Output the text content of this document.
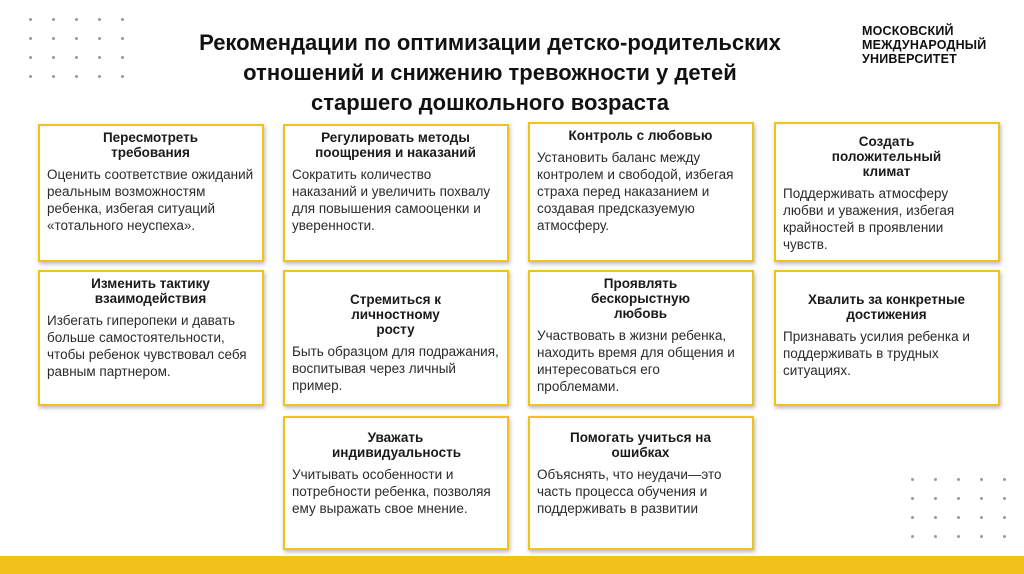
Рекомендации по оптимизации детско-родительских
отношений и снижению тревожности у детей
старшего дошкольного возраста
МОСКОВСКИЙ
МЕЖДУНАРОДНЫЙ
УНИВЕРСИТЕТ
Пересмотреть требования
Оценить соответствие ожиданий реальным возможностям ребенка, избегая ситуаций «тотального неуспеха».
Регулировать методы поощрения и наказаний
Сократить количество наказаний и увеличить похвалу для повышения самооценки и уверенности.
Контроль с любовью
Установить баланс между контролем и свободой, избегая страха перед наказанием и создавая предсказуемую атмосферу.
Создать положительный климат
Поддерживать атмосферу любви и уважения, избегая крайностей в проявлении чувств.
Изменить тактику взаимодействия
Избегать гиперопеки и давать больше самостоятельности, чтобы ребенок чувствовал себя равным партнером.
Стремиться к личностному росту
Быть образцом для подражания, воспитывая через личный пример.
Проявлять бескорыстную любовь
Участвовать в жизни ребенка, находить время для общения и интересоваться его проблемами.
Хвалить за конкретные достижения
Признавать усилия ребенка и поддерживать в трудных ситуациях.
Уважать индивидуальность
Учитывать особенности и потребности ребенка, позволяя ему выражать свое мнение.
Помогать учиться на ошибках
Объяснять, что неудачи—это часть процесса обучения и поддерживать в развитии
